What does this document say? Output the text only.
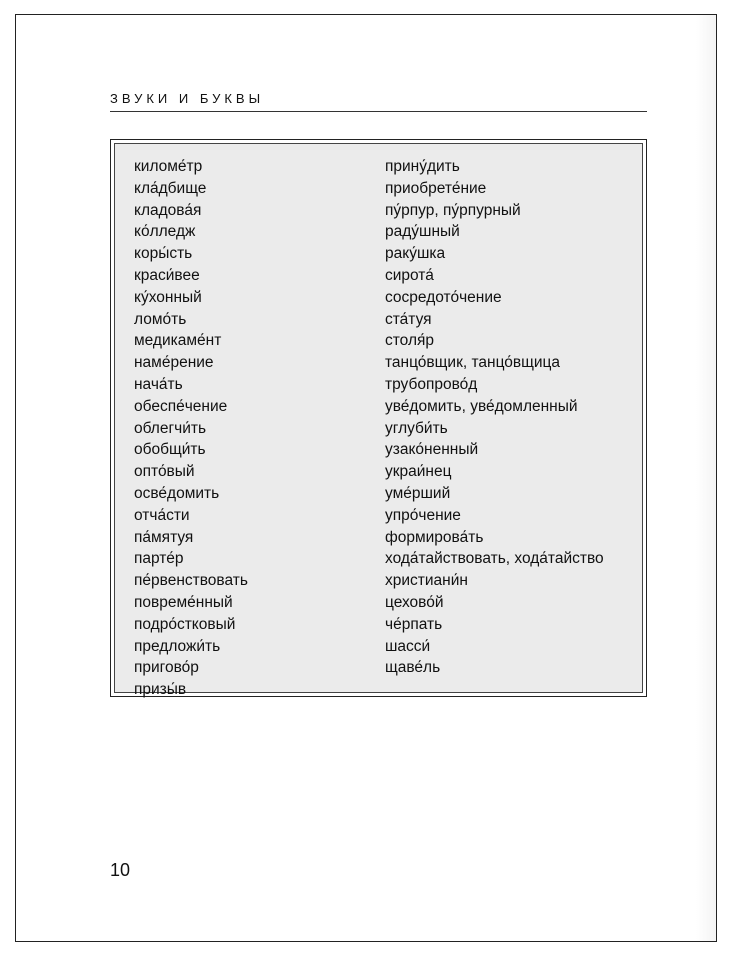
ЗВУКИ И БУКВЫ
киломе́тр
кла́дбище
кладова́я
ко́лледж
коры́сть
краси́вее
ку́хонный
ломо́ть
медикаме́нт
наме́рение
нача́ть
обеспе́чение
облегчи́ть
обобщи́ть
опто́вый
осве́домить
отча́сти
па́мятуя
парте́р
пе́рвенствовать
повреме́нный
подро́стковый
предложи́ть
пригово́р
призы́в
прину́дить
приобрете́ние
пу́рпур, пу́рпурный
раду́шный
раку́шка
сирота́
сосредото́чение
ста́туя
столя́р
танцо́вщик, танцо́вщица
трубопрово́д
уве́домить, уве́домленный
углуби́ть
узако́ненный
украи́нец
уме́рший
упро́чение
формирова́ть
хода́тайствовать, хода́тайство
христиани́н
цехово́й
че́рпать
шасси́
щаве́ль
10
